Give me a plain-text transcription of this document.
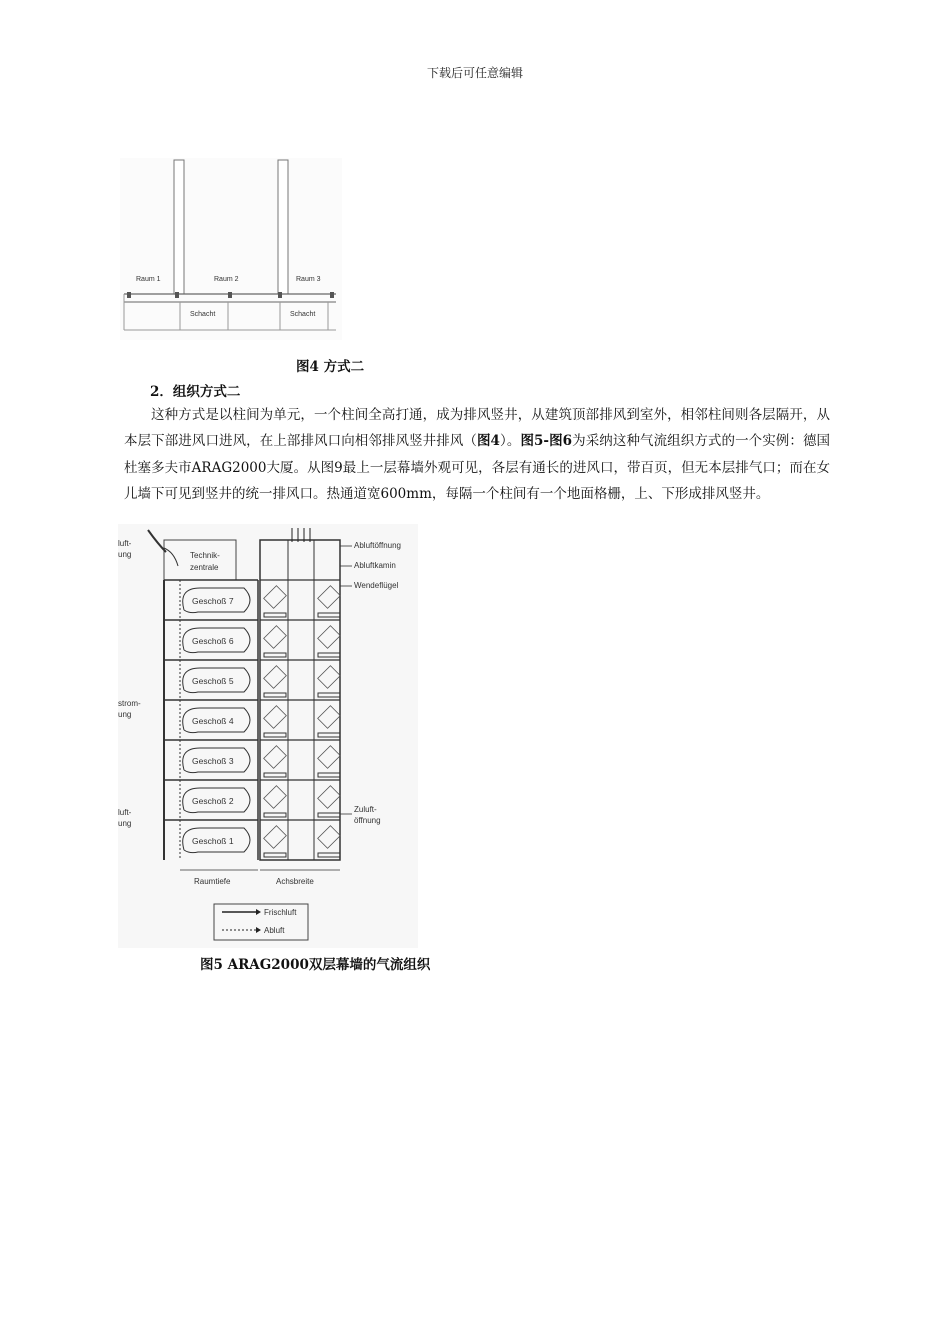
下载后可任意编辑
Raum 1	Raum 2	Raum 3
Schacht	Schacht
图4 方式二
2．组织方式二
这种方式是以柱间为单元，一个柱间全高打通，成为排风竖井，从建筑顶部排风到室外，相邻柱间则各层隔开，从本层下部进风口进风，在上部排风口向相邻排风竖井排风（图4）。图5-图6为采纳这种气流组织方式的一个实例：德国杜塞多夫市ARAG2000大厦。从图9最上一层幕墙外观可见，各层有通长的进风口，带百页，但无本层排气口；而在女儿墙下可见到竖井的统一排风口。热通道宽600mm，每隔一个柱间有一个地面格栅，上、下形成排风竖井。
Technik-
zentrale
Geschoß 7
Geschoß 6
Geschoß 5
Geschoß 4
Geschoß 3
Geschoß 2
Geschoß 1
luft-
ung
strom-
ung
luft-
ung
Abluftöffnung
Abluftkamin
Wendeflügel
Zuluft-
öffnung
Raumtiefe	Achsbreite
Frischluft
Abluft
图5 ARAG2000双层幕墙的气流组织
